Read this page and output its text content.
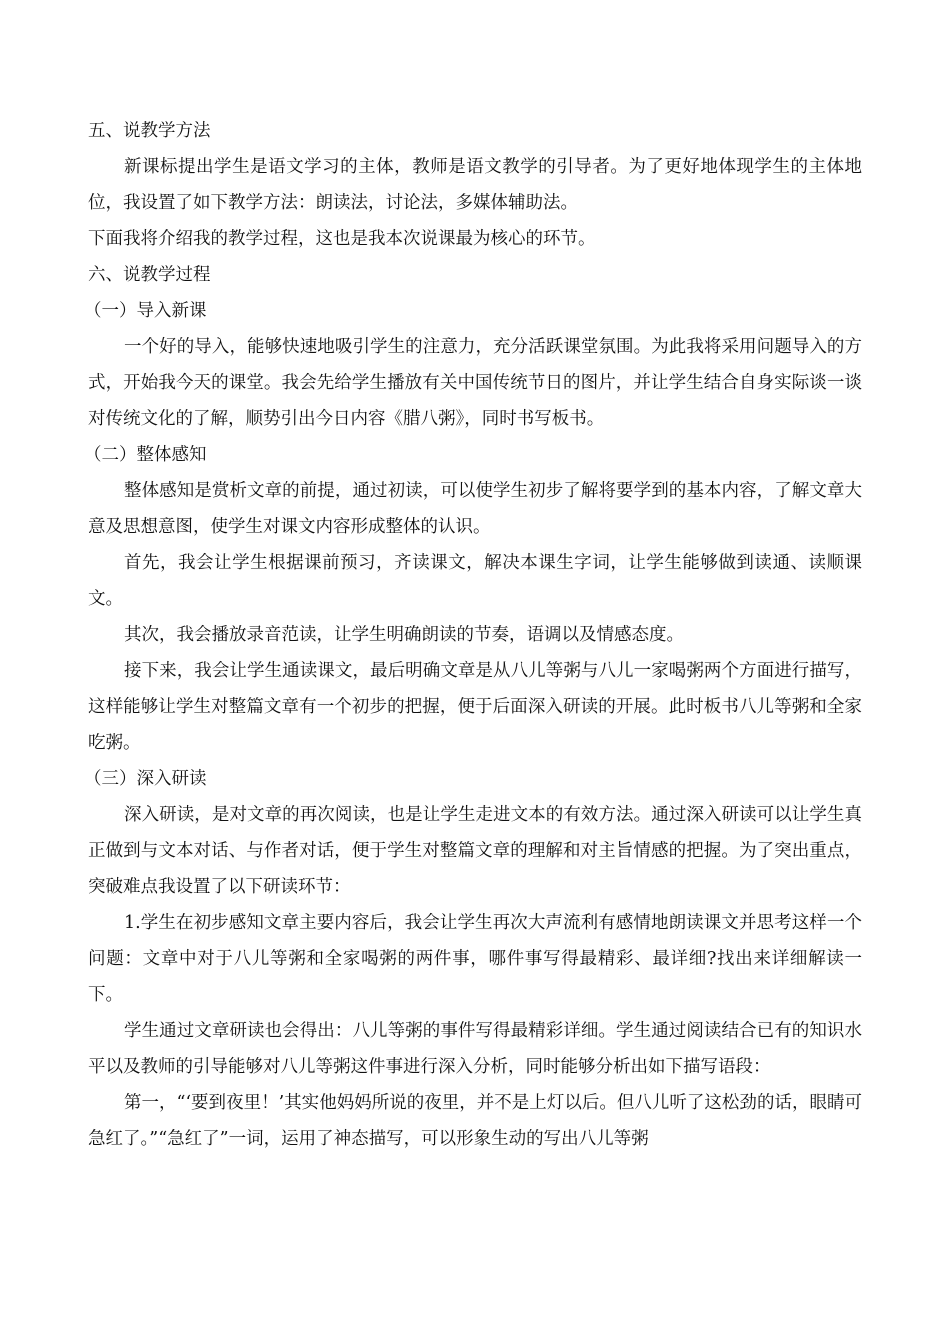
五、说教学方法

新课标提出学生是语文学习的主体，教师是语文教学的引导者。为了更好地体现学生的主体地位，我设置了如下教学方法：朗读法，讨论法，多媒体辅助法。

下面我将介绍我的教学过程，这也是我本次说课最为核心的环节。

六、说教学过程

（一）导入新课

一个好的导入，能够快速地吸引学生的注意力，充分活跃课堂氛围。为此我将采用问题导入的方式，开始我今天的课堂。我会先给学生播放有关中国传统节日的图片，并让学生结合自身实际谈一谈对传统文化的了解，顺势引出今日内容《腊八粥》，同时书写板书。

（二）整体感知

整体感知是赏析文章的前提，通过初读，可以使学生初步了解将要学到的基本内容，了解文章大意及思想意图，使学生对课文内容形成整体的认识。

首先，我会让学生根据课前预习，齐读课文，解决本课生字词，让学生能够做到读通、读顺课文。

其次，我会播放录音范读，让学生明确朗读的节奏，语调以及情感态度。

接下来，我会让学生通读课文，最后明确文章是从八儿等粥与八儿一家喝粥两个方面进行描写，这样能够让学生对整篇文章有一个初步的把握，便于后面深入研读的开展。此时板书八儿等粥和全家吃粥。

（三）深入研读

深入研读，是对文章的再次阅读，也是让学生走进文本的有效方法。通过深入研读可以让学生真正做到与文本对话、与作者对话，便于学生对整篇文章的理解和对主旨情感的把握。为了突出重点，突破难点我设置了以下研读环节：

1.学生在初步感知文章主要内容后，我会让学生再次大声流利有感情地朗读课文并思考这样一个问题：文章中对于八儿等粥和全家喝粥的两件事，哪件事写得最精彩、最详细?找出来详细解读一下。

学生通过文章研读也会得出：八儿等粥的事件写得最精彩详细。学生通过阅读结合已有的知识水平以及教师的引导能够对八儿等粥这件事进行深入分析，同时能够分析出如下描写语段：

第一，“‘要到夜里！’其实他妈妈所说的夜里，并不是上灯以后。但八儿听了这松劲的话，眼睛可急红了。”“急红了”一词，运用了神态描写，可以形象生动的写出八儿等粥
